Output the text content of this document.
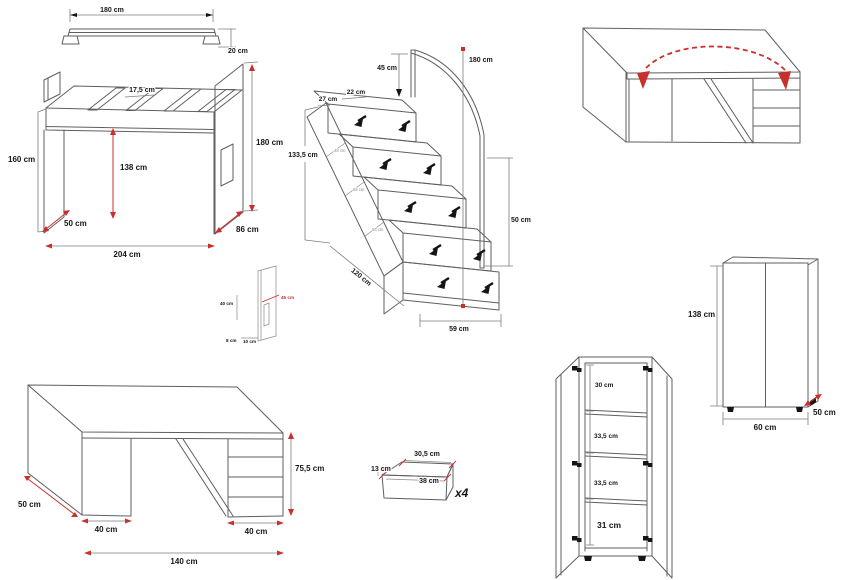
180 cm
20 cm
160 cm
180 cm
138 cm
17,5 cm
50 cm
86 cm
204 cm
40 cm
45 cm
8 cm 10 cm
48 cm
56 cm
56 cm
45 cm
22 cm
27 cm
133,5 cm
180 cm
50 cm
120 cm
59 cm
138 cm
60 cm
50 cm
50 cm
40 cm	40 cm
75,5 cm
140 cm
30,5 cm
13 cm
38 cm
x4
30 cm
33,5 cm
33,5 cm
31 cm
